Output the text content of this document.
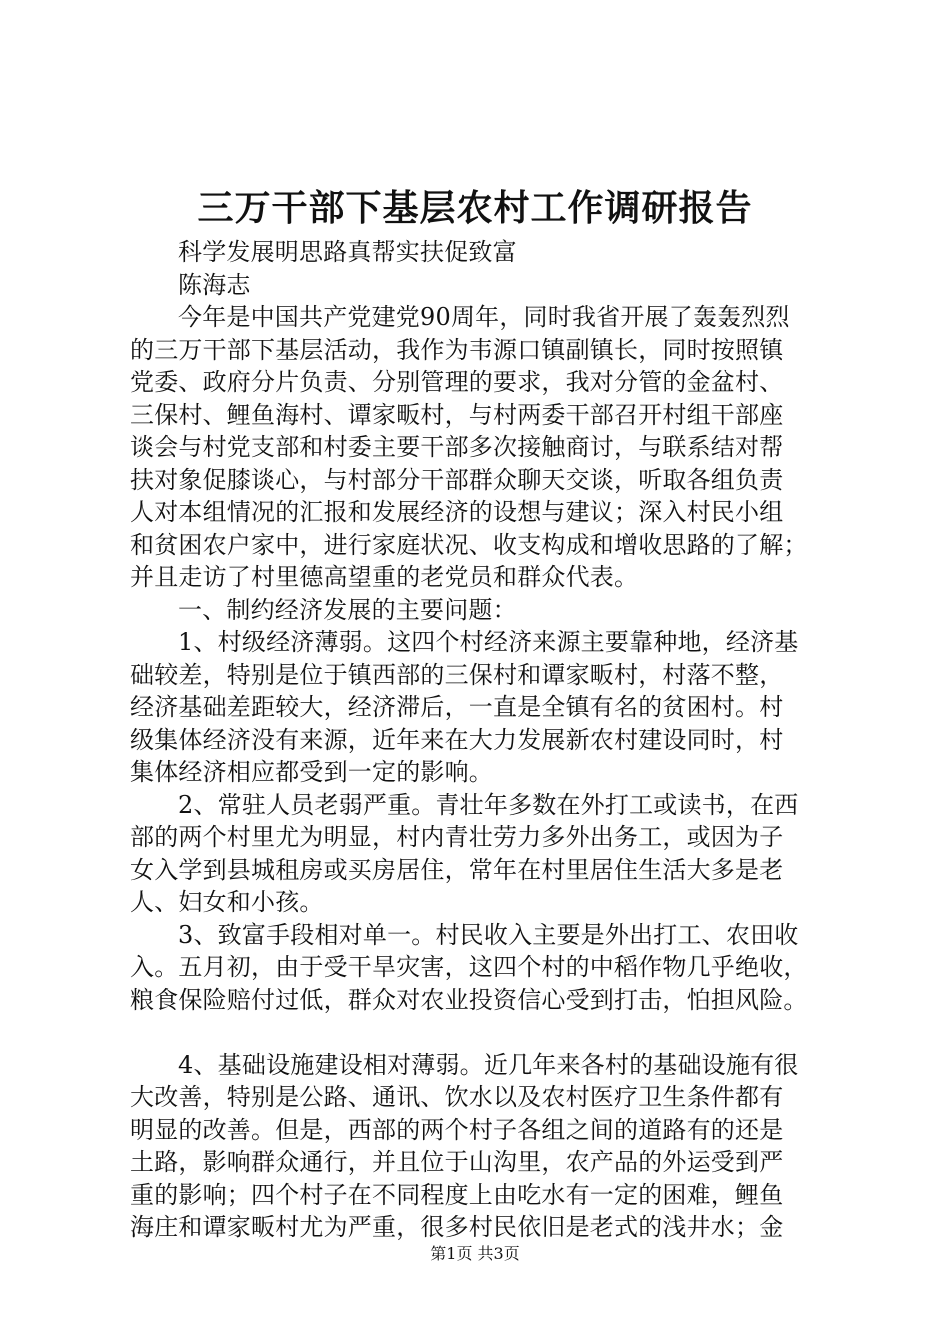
三万干部下基层农村工作调研报告
科学发展明思路真帮实扶促致富
陈海志
今年是中国共产党建党90周年，同时我省开展了轰轰烈烈
的三万干部下基层活动，我作为韦源口镇副镇长，同时按照镇
党委、政府分片负责、分别管理的要求，我对分管的金盆村、
三保村、鲤鱼海村、谭家畈村，与村两委干部召开村组干部座
谈会与村党支部和村委主要干部多次接触商讨，与联系结对帮
扶对象促膝谈心，与村部分干部群众聊天交谈，听取各组负责
人对本组情况的汇报和发展经济的设想与建议；深入村民小组
和贫困农户家中，进行家庭状况、收支构成和增收思路的了解；
并且走访了村里德高望重的老党员和群众代表。
一、制约经济发展的主要问题：
1、村级经济薄弱。这四个村经济来源主要靠种地，经济基
础较差，特别是位于镇西部的三保村和谭家畈村，村落不整，
经济基础差距较大，经济滞后，一直是全镇有名的贫困村。村
级集体经济没有来源，近年来在大力发展新农村建设同时，村
集体经济相应都受到一定的影响。
2、常驻人员老弱严重。青壮年多数在外打工或读书，在西
部的两个村里尤为明显，村内青壮劳力多外出务工，或因为子
女入学到县城租房或买房居住，常年在村里居住生活大多是老
人、妇女和小孩。
3、致富手段相对单一。村民收入主要是外出打工、农田收
入。五月初，由于受干旱灾害，这四个村的中稻作物几乎绝收，
粮食保险赔付过低，群众对农业投资信心受到打击，怕担风险。
4、基础设施建设相对薄弱。近几年来各村的基础设施有很
大改善，特别是公路、通讯、饮水以及农村医疗卫生条件都有
明显的改善。但是，西部的两个村子各组之间的道路有的还是
土路，影响群众通行，并且位于山沟里，农产品的外运受到严
重的影响；四个村子在不同程度上由吃水有一定的困难，鲤鱼
海庄和谭家畈村尤为严重，很多村民依旧是老式的浅井水；金
第1页 共3页
